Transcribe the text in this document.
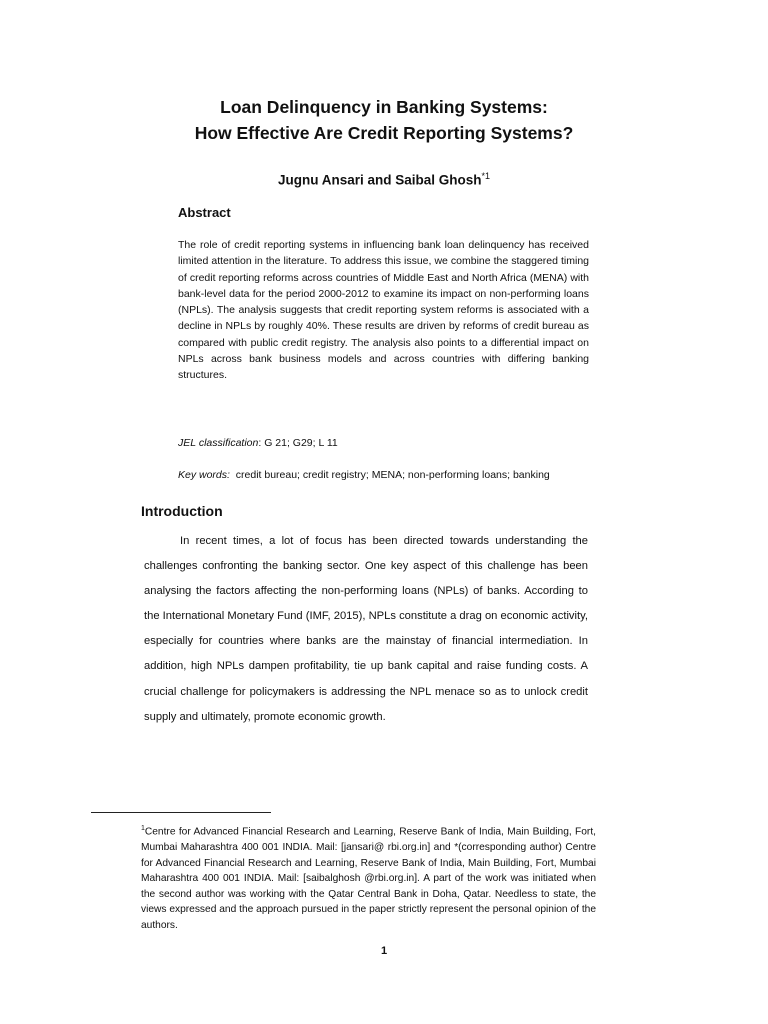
Loan Delinquency in Banking Systems:
How Effective Are Credit Reporting Systems?
Jugnu Ansari and Saibal Ghosh$^{*1}$
Abstract
The role of credit reporting systems in influencing bank loan delinquency has received limited attention in the literature. To address this issue, we combine the staggered timing of credit reporting reforms across countries of Middle East and North Africa (MENA) with bank-level data for the period 2000-2012 to examine its impact on non-performing loans (NPLs). The analysis suggests that credit reporting system reforms is associated with a decline in NPLs by roughly 40%. These results are driven by reforms of credit bureau as compared with public credit registry. The analysis also points to a differential impact on NPLs across bank business models and across countries with differing banking structures.
JEL classification: G 21; G29; L 11
Key words:  credit bureau; credit registry; MENA; non-performing loans; banking
Introduction
In recent times, a lot of focus has been directed towards understanding the challenges confronting the banking sector. One key aspect of this challenge has been analysing the factors affecting the non-performing loans (NPLs) of banks. According to the International Monetary Fund (IMF, 2015), NPLs constitute a drag on economic activity, especially for countries where banks are the mainstay of financial intermediation. In addition, high NPLs dampen profitability, tie up bank capital and raise funding costs. A crucial challenge for policymakers is addressing the NPL menace so as to unlock credit supply and ultimately, promote economic growth.
$^1$Centre for Advanced Financial Research and Learning, Reserve Bank of India, Main Building, Fort, Mumbai Maharashtra 400 001 INDIA. Mail: [jansari@ rbi.org.in] and *(corresponding author) Centre for Advanced Financial Research and Learning, Reserve Bank of India, Main Building, Fort, Mumbai Maharashtra 400 001 INDIA. Mail: [saibalghosh @rbi.org.in]. A part of the work was initiated when the second author was working with the Qatar Central Bank in Doha, Qatar. Needless to state, the views expressed and the approach pursued in the paper strictly represent the personal opinion of the authors.
1
